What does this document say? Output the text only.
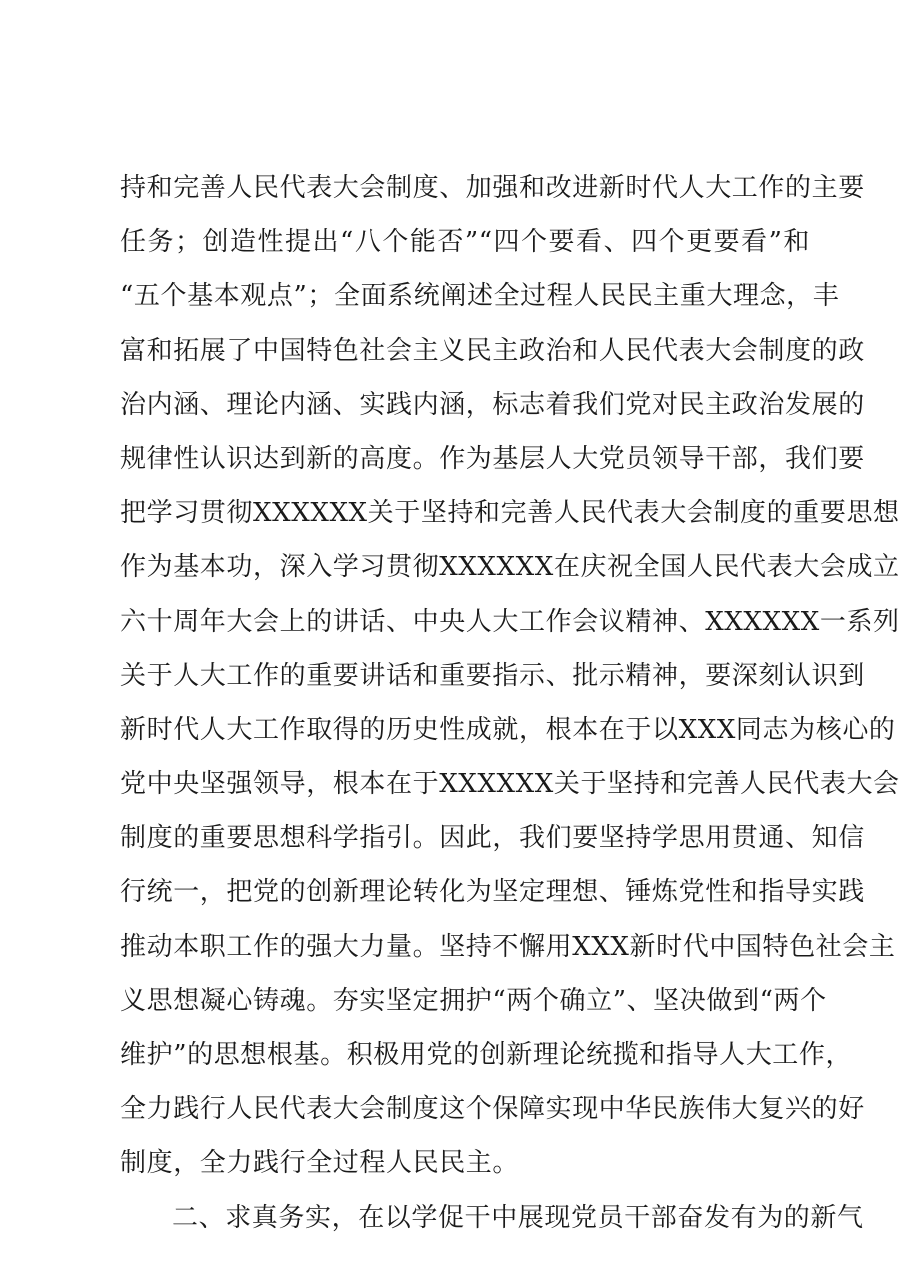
持和完善人民代表大会制度、加强和改进新时代人大工作的主要
任务；创造性提出“八个能否”“四个要看、四个更要看”和
“五个基本观点”；全面系统阐述全过程人民民主重大理念，丰
富和拓展了中国特色社会主义民主政治和人民代表大会制度的政
治内涵、理论内涵、实践内涵，标志着我们党对民主政治发展的
规律性认识达到新的高度。作为基层人大党员领导干部，我们要
把学习贯彻XXXXXX关于坚持和完善人民代表大会制度的重要思想
作为基本功，深入学习贯彻XXXXXX在庆祝全国人民代表大会成立
六十周年大会上的讲话、中央人大工作会议精神、XXXXXX一系列
关于人大工作的重要讲话和重要指示、批示精神，要深刻认识到
新时代人大工作取得的历史性成就，根本在于以XXX同志为核心的
党中央坚强领导，根本在于XXXXXX关于坚持和完善人民代表大会
制度的重要思想科学指引。因此，我们要坚持学思用贯通、知信
行统一，把党的创新理论转化为坚定理想、锤炼党性和指导实践
推动本职工作的强大力量。坚持不懈用XXX新时代中国特色社会主
义思想凝心铸魂。夯实坚定拥护“两个确立”、坚决做到“两个
维护”的思想根基。积极用党的创新理论统揽和指导人大工作，
全力践行人民代表大会制度这个保障实现中华民族伟大复兴的好
制度，全力践行全过程人民民主。
二、求真务实，在以学促干中展现党员干部奋发有为的新气
